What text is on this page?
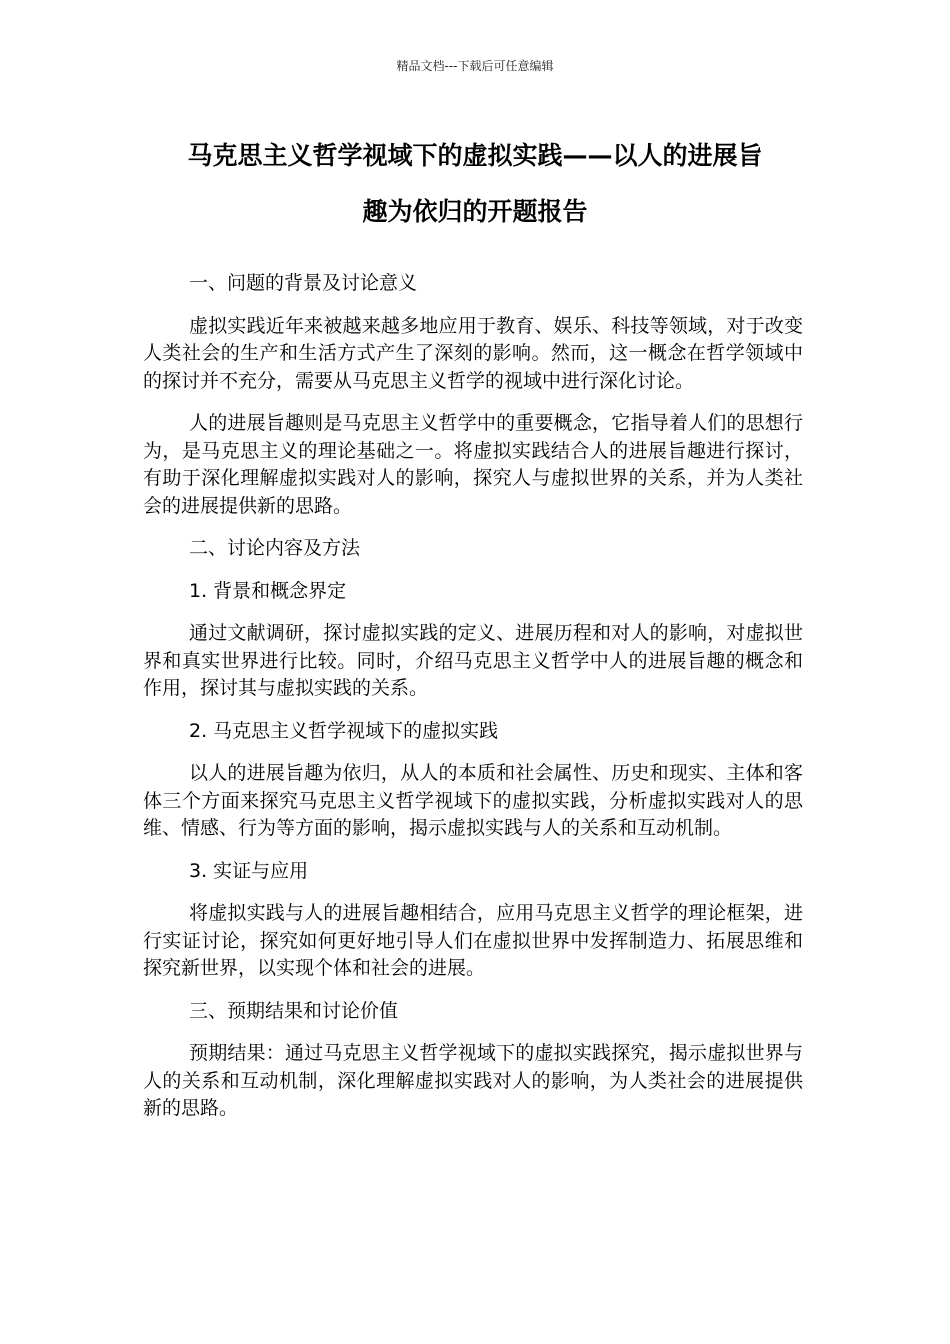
精品文档---下载后可任意编辑
马克思主义哲学视域下的虚拟实践——以人的进展旨
趣为依归的开题报告

一、问题的背景及讨论意义

虚拟实践近年来被越来越多地应用于教育、娱乐、科技等领域，对于改变人类社会的生产和生活方式产生了深刻的影响。然而，这一概念在哲学领域中的探讨并不充分，需要从马克思主义哲学的视域中进行深化讨论。

人的进展旨趣则是马克思主义哲学中的重要概念，它指导着人们的思想行为，是马克思主义的理论基础之一。将虚拟实践结合人的进展旨趣进行探讨，有助于深化理解虚拟实践对人的影响，探究人与虚拟世界的关系，并为人类社会的进展提供新的思路。

二、讨论内容及方法

1. 背景和概念界定

通过文献调研，探讨虚拟实践的定义、进展历程和对人的影响，对虚拟世界和真实世界进行比较。同时，介绍马克思主义哲学中人的进展旨趣的概念和作用，探讨其与虚拟实践的关系。

2. 马克思主义哲学视域下的虚拟实践

以人的进展旨趣为依归，从人的本质和社会属性、历史和现实、主体和客体三个方面来探究马克思主义哲学视域下的虚拟实践，分析虚拟实践对人的思维、情感、行为等方面的影响，揭示虚拟实践与人的关系和互动机制。

3. 实证与应用

将虚拟实践与人的进展旨趣相结合，应用马克思主义哲学的理论框架，进行实证讨论，探究如何更好地引导人们在虚拟世界中发挥制造力、拓展思维和探究新世界，以实现个体和社会的进展。

三、预期结果和讨论价值

预期结果：通过马克思主义哲学视域下的虚拟实践探究，揭示虚拟世界与人的关系和互动机制，深化理解虚拟实践对人的影响，为人类社会的进展提供新的思路。
